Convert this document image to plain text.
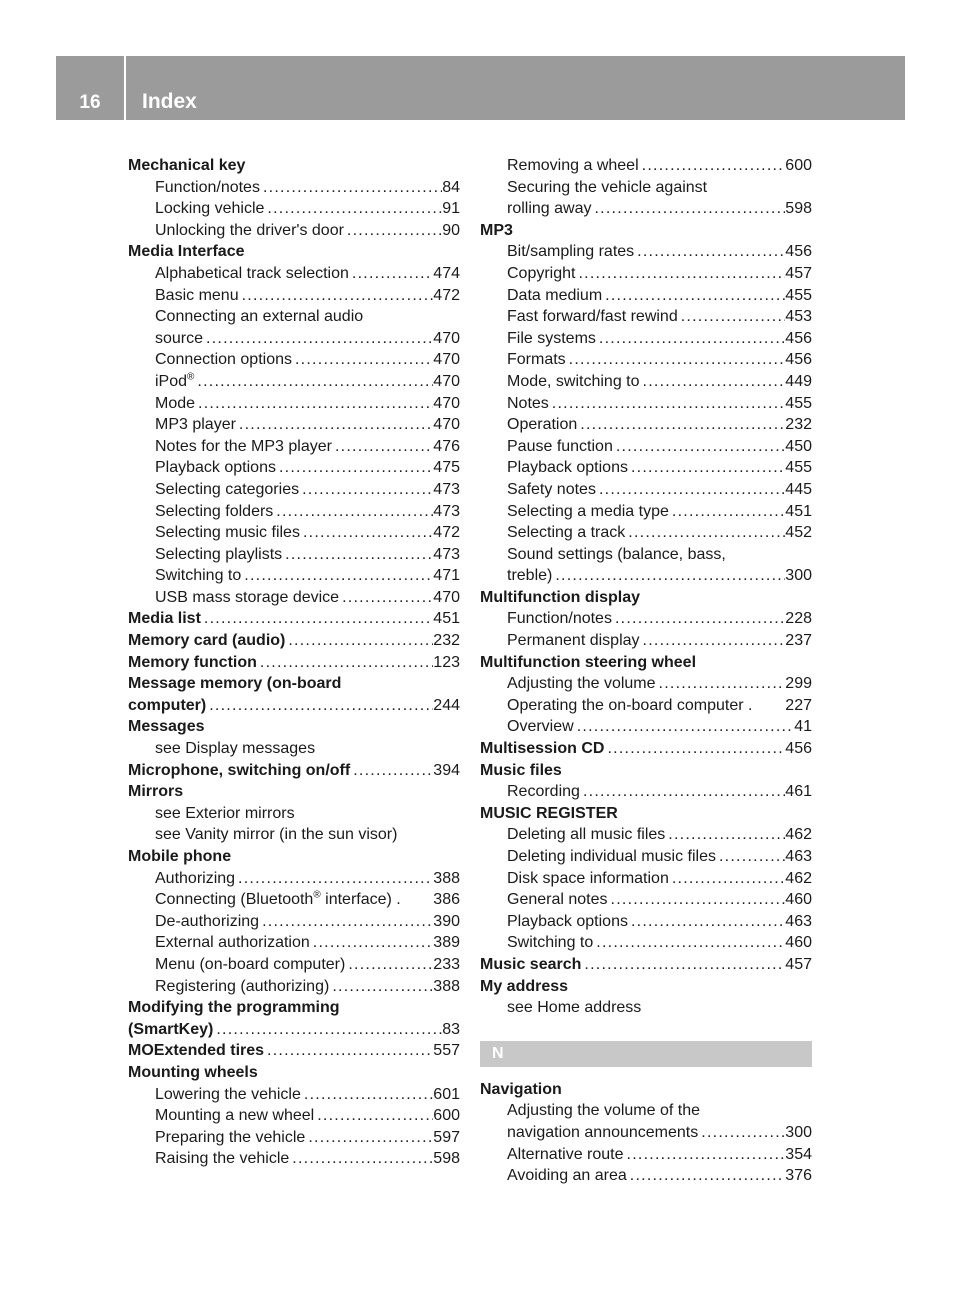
16	Index
Mechanical key
Function/notes . . .	84
Locking vehicle . . .	91
Unlocking the driver's door . . .	90
Media Interface
Alphabetical track selection . . .	474
Basic menu . . .	472
Connecting an external audio
source . . .	470
Connection options . . .	470
iPod® . . .	470
Mode . . .	470
MP3 player . . .	470
Notes for the MP3 player . . .	476
Playback options . . .	475
Selecting categories . . .	473
Selecting folders . . .	473
Selecting music files . . .	472
Selecting playlists . . .	473
Switching to . . .	471
USB mass storage device . . .	470
Media list . . .	451
Memory card (audio) . . .	232
Memory function . . .	123
Message memory (on-board
computer) . . .	244
Messages
see Display messages
Microphone, switching on/off . . .	394
Mirrors
see Exterior mirrors
see Vanity mirror (in the sun visor)
Mobile phone
Authorizing . . .	388
Connecting (Bluetooth® interface) . 386
De-authorizing . . .	390
External authorization . . .	389
Menu (on-board computer) . . .	233
Registering (authorizing) . . .	388
Modifying the programming
(SmartKey) . . .	83
MOExtended tires . . .	557
Mounting wheels
Lowering the vehicle . . .	601
Mounting a new wheel . . .	600
Preparing the vehicle . . .	597
Raising the vehicle . . .	598
Removing a wheel . . .	600
Securing the vehicle against
rolling away . . .	598
MP3
Bit/sampling rates . . .	456
Copyright . . .	457
Data medium . . .	455
Fast forward/fast rewind . . .	453
File systems . . .	456
Formats . . .	456
Mode, switching to . . .	449
Notes . . .	455
Operation . . .	232
Pause function . . .	450
Playback options . . .	455
Safety notes . . .	445
Selecting a media type . . .	451
Selecting a track . . .	452
Sound settings (balance, bass,
treble) . . .	300
Multifunction display
Function/notes . . .	228
Permanent display . . .	237
Multifunction steering wheel
Adjusting the volume . . .	299
Operating the on-board computer . 227
Overview . . .	41
Multisession CD . . .	456
Music files
Recording . . .	461
MUSIC REGISTER
Deleting all music files . . .	462
Deleting individual music files . . .	463
Disk space information . . .	462
General notes . . .	460
Playback options . . .	463
Switching to . . .	460
Music search . . .	457
My address
see Home address
N
Navigation
Adjusting the volume of the
navigation announcements . . .	300
Alternative route . . .	354
Avoiding an area . . .	376
